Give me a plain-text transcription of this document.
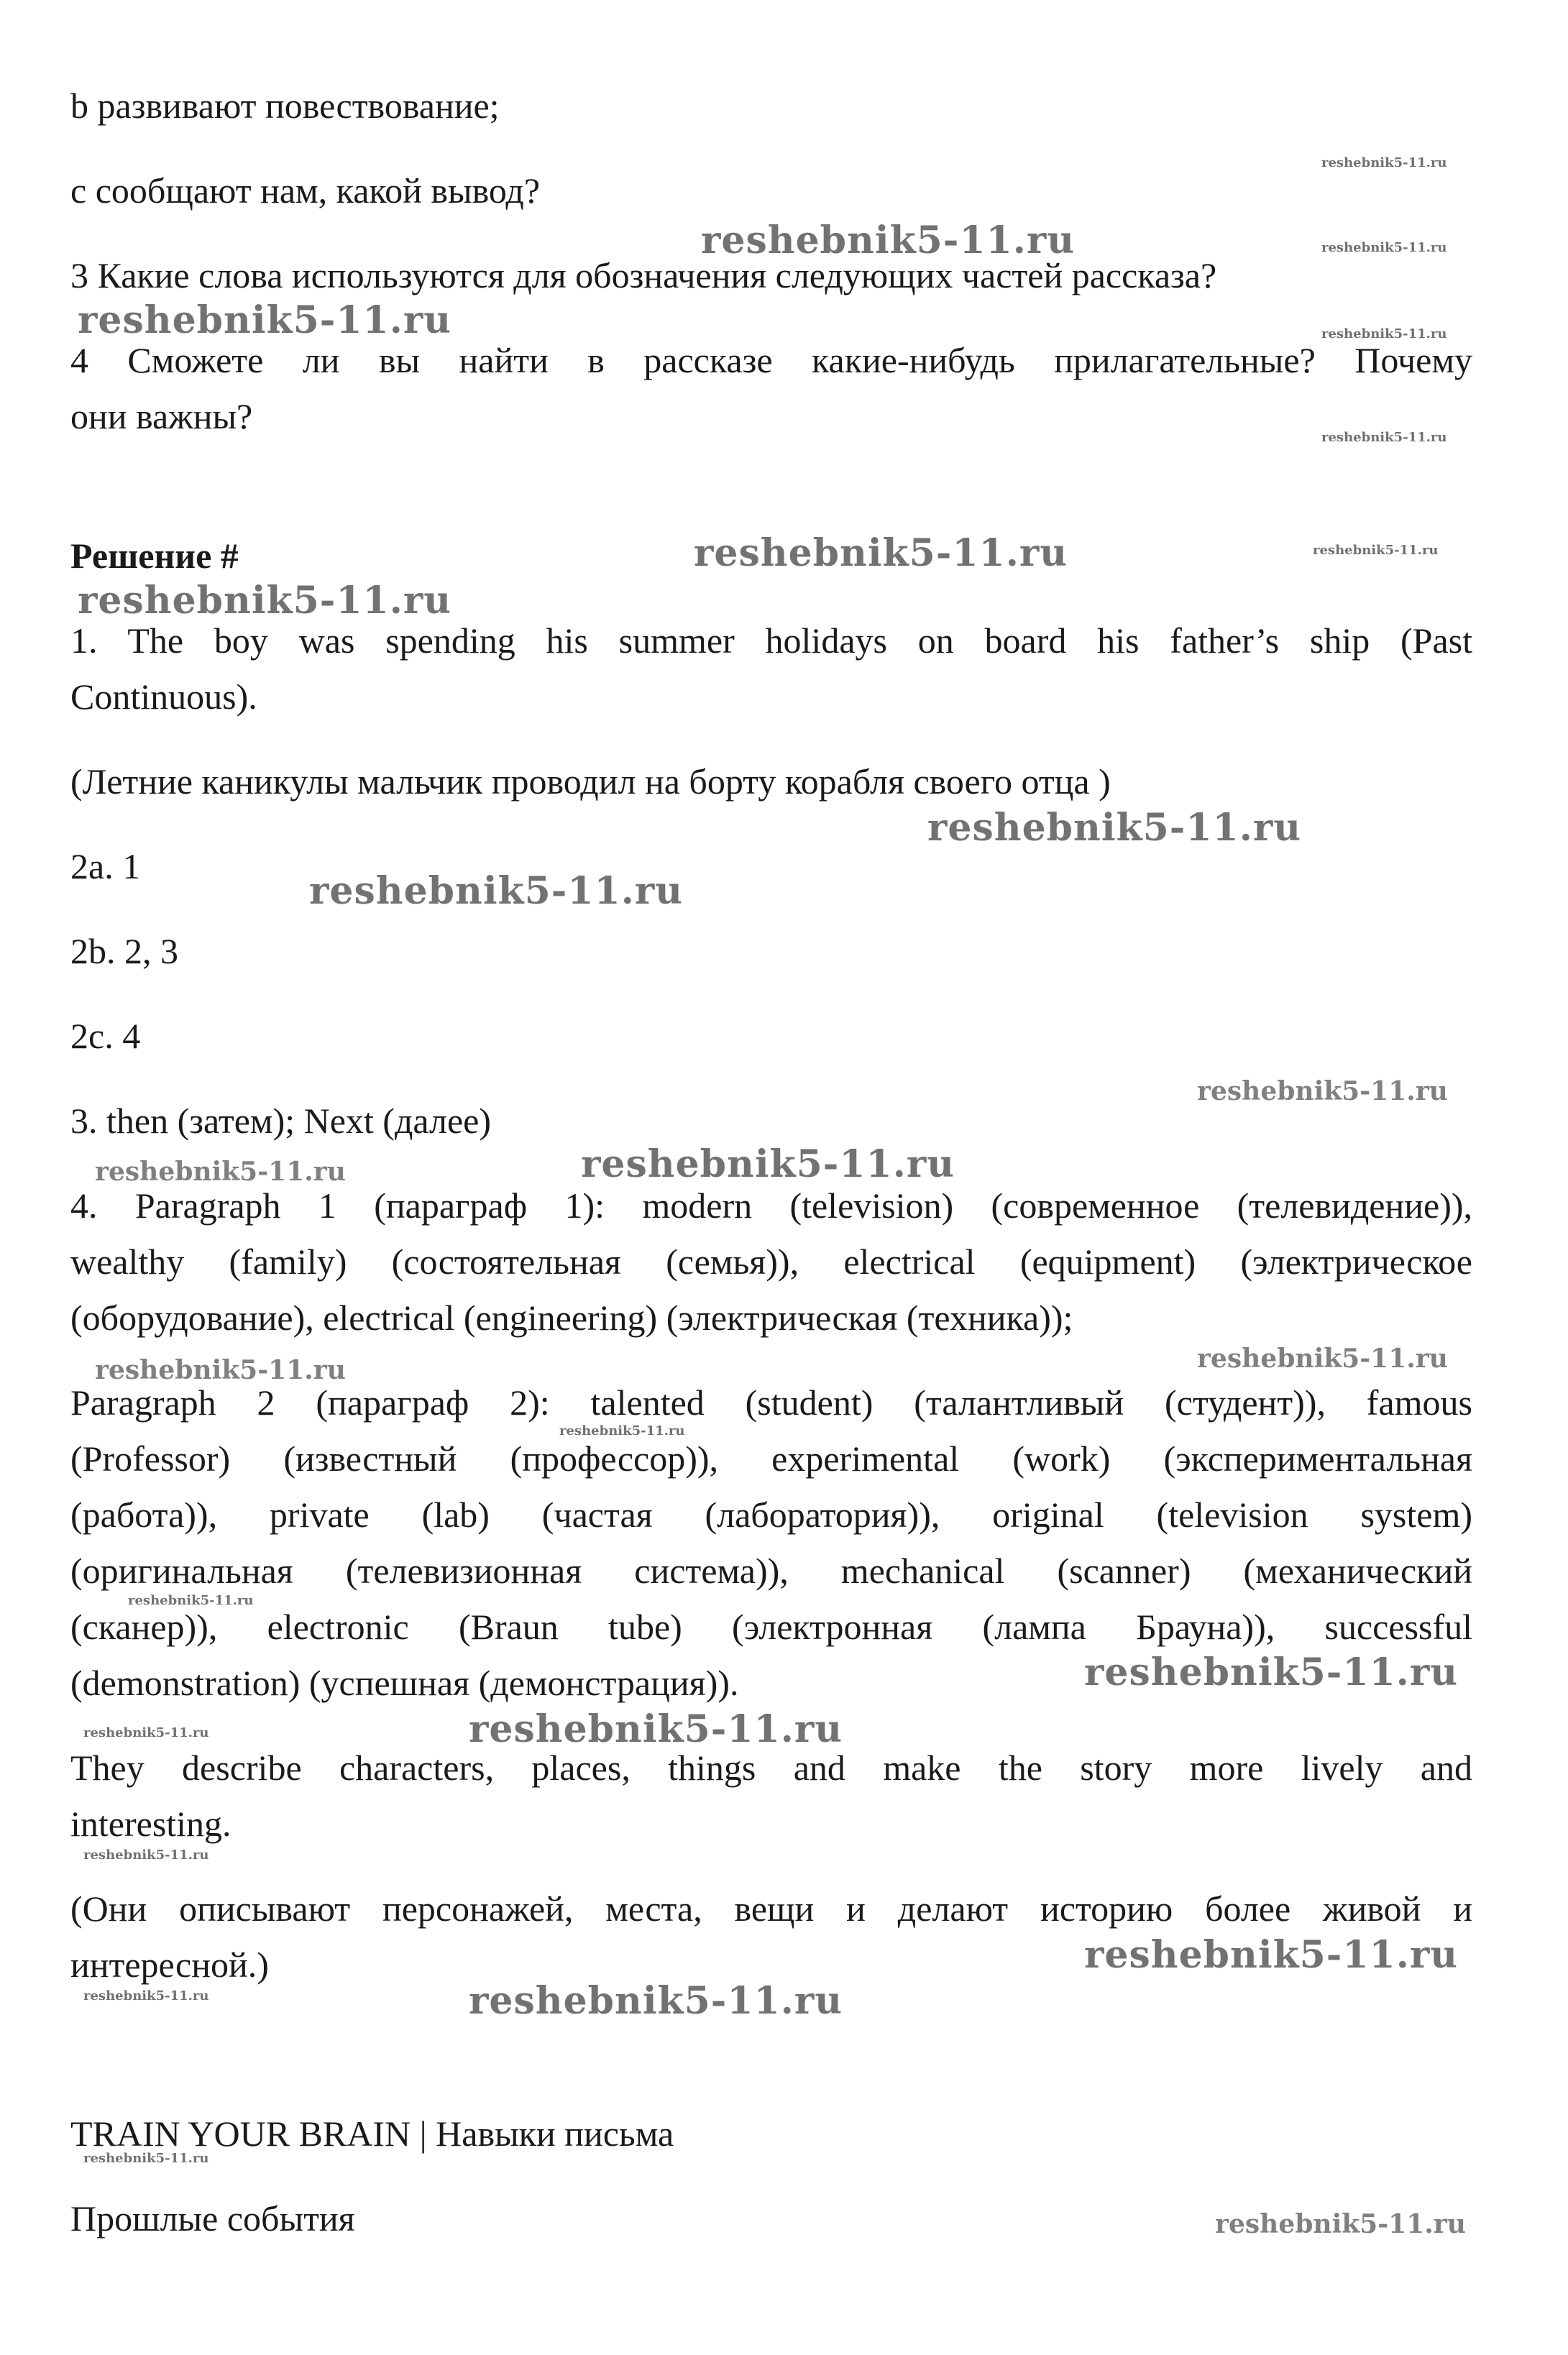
b развивают повествование;

c сообщают нам, какой вывод?

3 Какие слова используются для обозначения следующих частей рассказа?

4 Сможете ли вы найти в рассказе какие-нибудь прилагательные? Почему

они важны?

Решение #

1. The boy was spending his summer holidays on board his father’s ship (Past

Continuous).

(Летние каникулы мальчик проводил на борту корабля своего отца )

2a. 1

2b. 2, 3

2c. 4

3. then (затем); Next (далее)

4. Paragraph 1 (параграф 1): modern (television) (современное (телевидение)),

wealthy (family) (состоятельная (семья)), electrical (equipment) (электрическое

(оборудование), electrical (engineering) (электрическая (техника));

Paragraph 2 (параграф 2): talented (student) (талантливый (студент)), famous

(Professor) (известный (профессор)), experimental (work) (экспериментальная

(работа)), private (lab) (частая (лаборатория)), original (television system)

(оригинальная (телевизионная система)), mechanical (scanner) (механический

(сканер)), electronic (Braun tube) (электронная (лампа Брауна)), successful

(demonstration) (успешная (демонстрация)).

They describe characters, places, things and make the story more lively and

interesting.

(Они описывают персонажей, места, вещи и делают историю более живой и

интересной.)

TRAIN YOUR BRAIN | Навыки письма

Прошлые события

reshebnik5-11.ru
reshebnik5-11.ru	reshebnik5-11.ru
reshebnik5-11.ru	reshebnik5-11.ru
reshebnik5-11.ru
reshebnik5-11.ru	reshebnik5-11.ru
reshebnik5-11.ru
reshebnik5-11.ru
reshebnik5-11.ru
reshebnik5-11.ru
reshebnik5-11.ru
reshebnik5-11.ru
reshebnik5-11.ru
reshebnik5-11.ru
reshebnik5-11.ru
reshebnik5-11.ru
reshebnik5-11.ru
reshebnik5-11.ru
reshebnik5-11.ru
reshebnik5-11.ru
reshebnik5-11.ru
reshebnik5-11.ru	reshebnik5-11.ru
reshebnik5-11.ru
reshebnik5-11.ru
